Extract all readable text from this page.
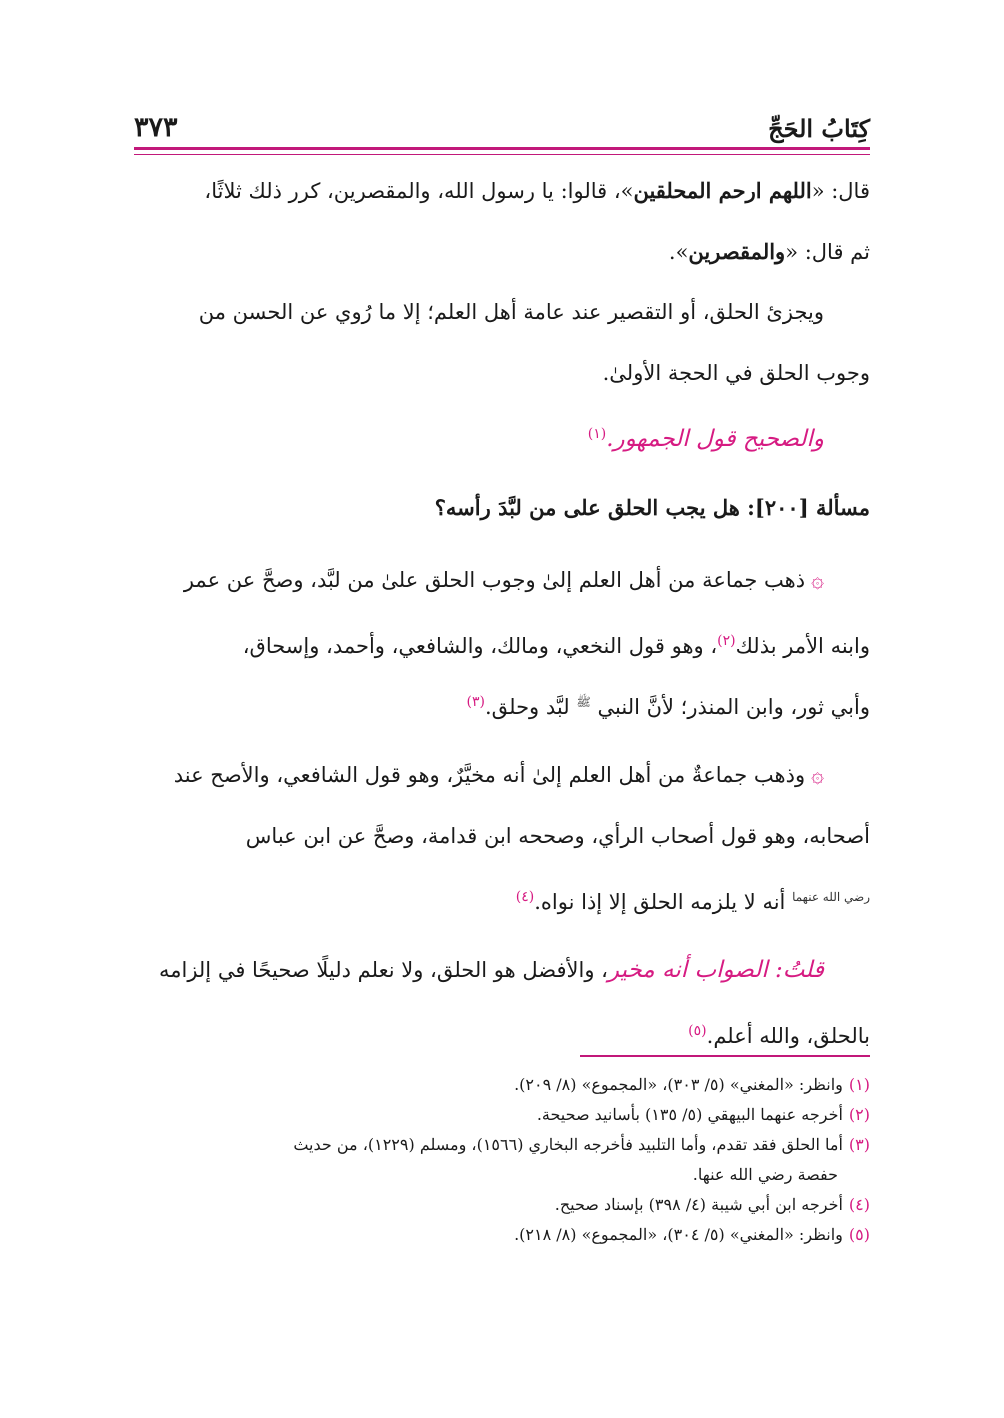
٣٧٣	كِتَابُ الحَجِّ
قال: «اللهم ارحم المحلقين»، قالوا: يا رسول الله، والمقصرين، كرر ذلك ثلاثًا،
ثم قال: «والمقصرين».
ويجزئ الحلق، أو التقصير عند عامة أهل العلم؛ إلا ما رُوي عن الحسن من
وجوب الحلق في الحجة الأولىٰ.
والصحيح قول الجمهور.$^{(١)}$
مسألة [٢٠٠]: هل يجب الحلق على من لبَّدَ رأسه؟
۞ذهب جماعة من أهل العلم إلىٰ وجوب الحلق علىٰ من لبَّد، وصحَّ عن عمر
وابنه الأمر بذلك$^{(٢)}$، وهو قول النخعي، ومالك، والشافعي، وأحمد، وإسحاق،
وأبي ثور، وابن المنذر؛ لأنَّ النبي $^ﷺ$ لبَّد وحلق.$^{(٣)}$
۞وذهب جماعةٌ من أهل العلم إلىٰ أنه مخيَّرٌ، وهو قول الشافعي، والأصح عند
أصحابه، وهو قول أصحاب الرأي، وصححه ابن قدامة، وصحَّ عن ابن عباس
$^{رضي الله عنهما}$ أنه لا يلزمه الحلق إلا إذا نواه.$^{(٤)}$
قلتُ: الصواب أنه مخير، والأفضل هو الحلق، ولا نعلم دليلًا صحيحًا في إلزامه
بالحلق، والله أعلم.$^{(٥)}$
(١)وانظر: «المغني» (٥/ ٣٠٣)، «المجموع» (٨/ ٢٠٩).
(٢)أخرجه عنهما البيهقي (٥/ ١٣٥) بأسانيد صحيحة.
(٣)أما الحلق فقد تقدم، وأما التلبيد فأخرجه البخاري (١٥٦٦)، ومسلم (١٢٢٩)، من حديث
حفصة رضي الله عنها.
(٤)أخرجه ابن أبي شيبة (٤/ ٣٩٨) بإسناد صحيح.
(٥)وانظر: «المغني» (٥/ ٣٠٤)، «المجموع» (٨/ ٢١٨).
